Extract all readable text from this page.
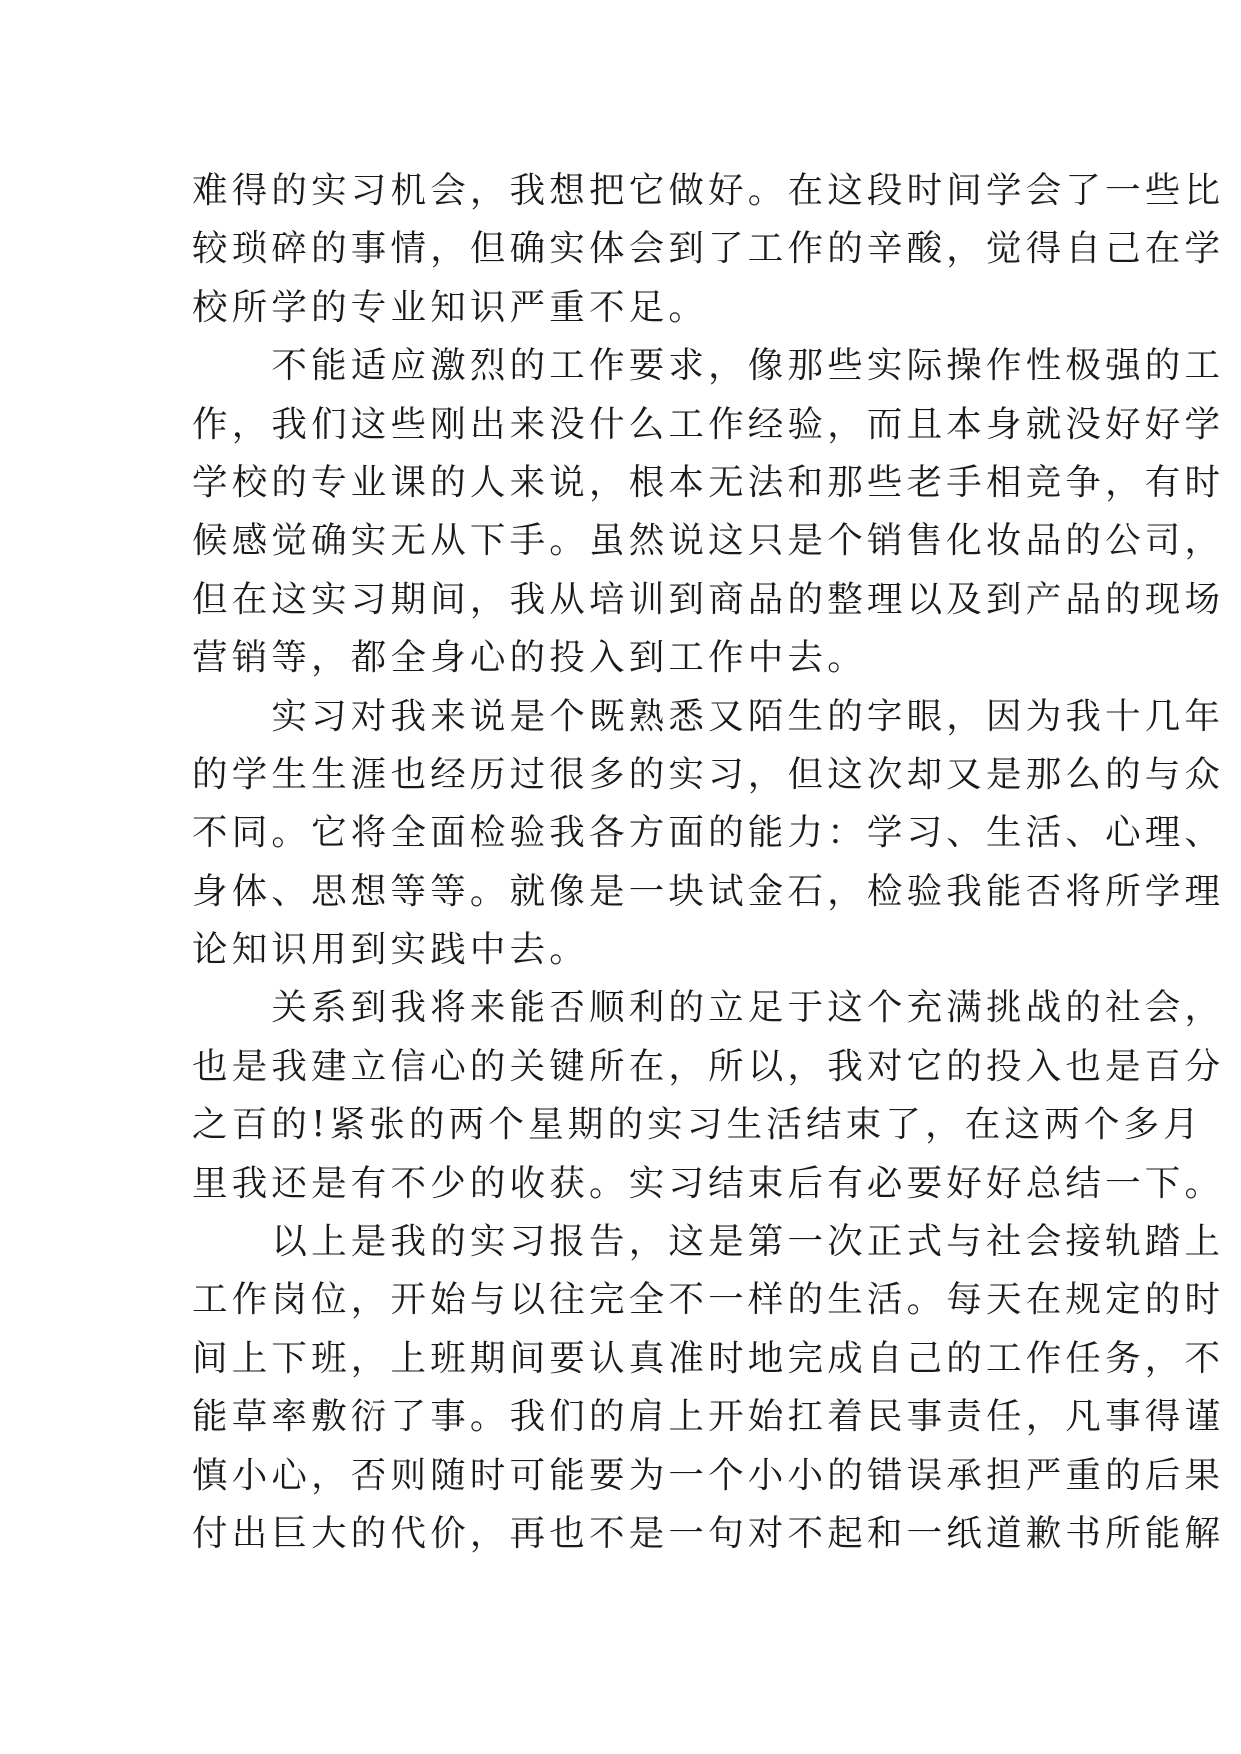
难得的实习机会，我想把它做好。在这段时间学会了一些比
较琐碎的事情，但确实体会到了工作的辛酸，觉得自己在学
校所学的专业知识严重不足。
　　不能适应激烈的工作要求，像那些实际操作性极强的工
作，我们这些刚出来没什么工作经验，而且本身就没好好学
学校的专业课的人来说，根本无法和那些老手相竞争，有时
候感觉确实无从下手。虽然说这只是个销售化妆品的公司，
但在这实习期间，我从培训到商品的整理以及到产品的现场
营销等，都全身心的投入到工作中去。
　　实习对我来说是个既熟悉又陌生的字眼，因为我十几年
的学生生涯也经历过很多的实习，但这次却又是那么的与众
不同。它将全面检验我各方面的能力：学习、生活、心理、
身体、思想等等。就像是一块试金石，检验我能否将所学理
论知识用到实践中去。
　　关系到我将来能否顺利的立足于这个充满挑战的社会，
也是我建立信心的关键所在，所以，我对它的投入也是百分
之百的!紧张的两个星期的实习生活结束了，在这两个多月
里我还是有不少的收获。实习结束后有必要好好总结一下。
　　以上是我的实习报告，这是第一次正式与社会接轨踏上
工作岗位，开始与以往完全不一样的生活。每天在规定的时
间上下班，上班期间要认真准时地完成自己的工作任务，不
能草率敷衍了事。我们的肩上开始扛着民事责任，凡事得谨
慎小心，否则随时可能要为一个小小的错误承担严重的后果
付出巨大的代价，再也不是一句对不起和一纸道歉书所能解
